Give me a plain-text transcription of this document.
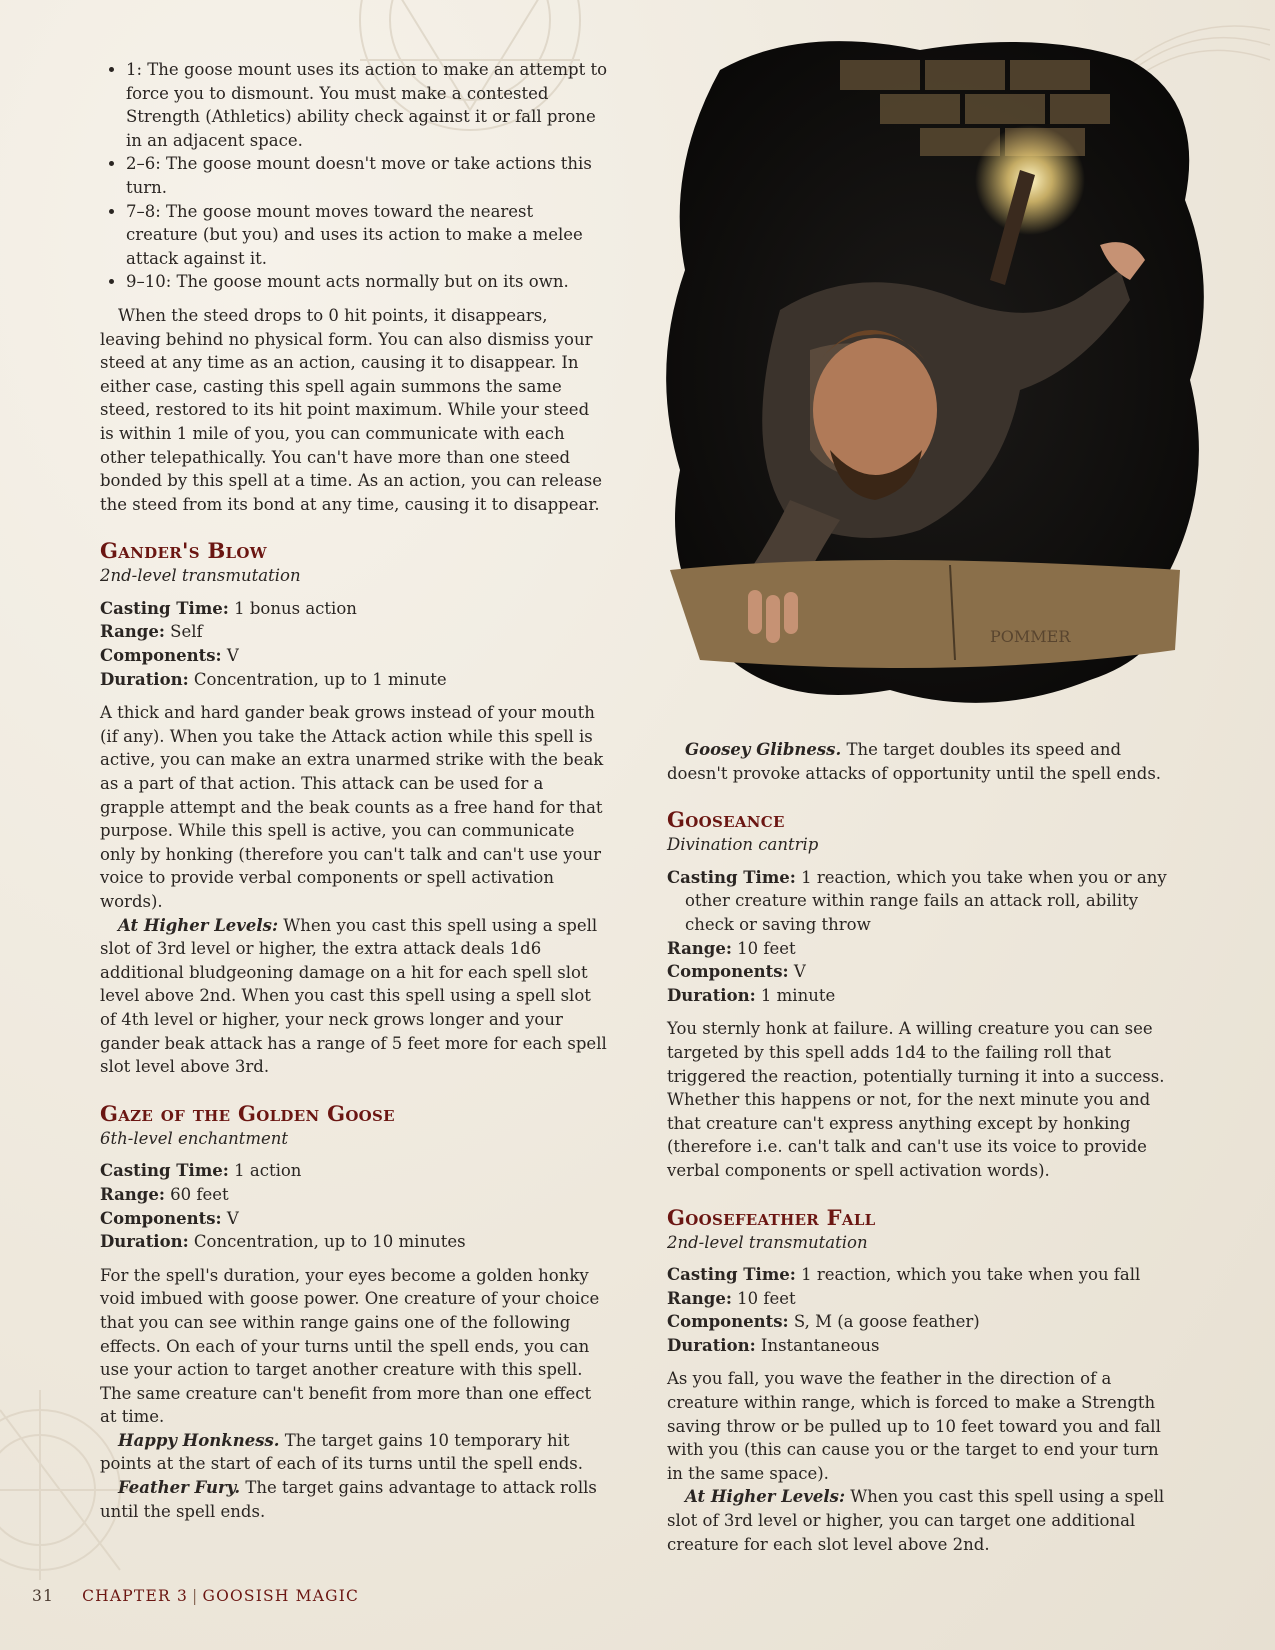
POMMER
• 1: The goose mount uses its action to make an attempt to force you to dismount. You must make a contested Strength (Athletics) ability check against it or fall prone in an adjacent space.
• 2–6: The goose mount doesn't move or take actions this turn.
• 7–8: The goose mount moves toward the nearest creature (but you) and uses its action to make a melee attack against it.
• 9–10: The goose mount acts normally but on its own.

When the steed drops to 0 hit points, it disappears, leaving behind no physical form. You can also dismiss your steed at any time as an action, causing it to disappear. In either case, casting this spell again summons the same steed, restored to its hit point maximum. While your steed is within 1 mile of you, you can communicate with each other telepathically. You can't have more than one steed bonded by this spell at a time. As an action, you can release the steed from its bond at any time, causing it to disappear.

Gander's Blow

2nd-level transmutation

Casting Time: 1 bonus action

Range: Self

Components: V

Duration: Concentration, up to 1 minute

A thick and hard gander beak grows instead of your mouth (if any). When you take the Attack action while this spell is active, you can make an extra unarmed strike with the beak as a part of that action. This attack can be used for a grapple attempt and the beak counts as a free hand for that purpose. While this spell is active, you can communicate only by honking (therefore you can't talk and can't use your voice to provide verbal components or spell activation words).

At Higher Levels: When you cast this spell using a spell slot of 3rd level or higher, the extra attack deals 1d6 additional bludgeoning damage on a hit for each spell slot level above 2nd. When you cast this spell using a spell slot of 4th level or higher, your neck grows longer and your gander beak attack has a range of 5 feet more for each spell slot level above 3rd.

Gaze of the Golden Goose

6th-level enchantment

Casting Time: 1 action

Range: 60 feet

Components: V

Duration: Concentration, up to 10 minutes

For the spell's duration, your eyes become a golden honky void imbued with goose power. One creature of your choice that you can see within range gains one of the following effects. On each of your turns until the spell ends, you can use your action to target another creature with this spell. The same creature can't benefit from more than one effect at time.

Happy Honkness. The target gains 10 temporary hit points at the start of each of its turns until the spell ends.

Feather Fury. The target gains advantage to attack rolls until the spell ends.

Goosey Glibness. The target doubles its speed and doesn't provoke attacks of opportunity until the spell ends.

Gooseance

Divination cantrip

Casting Time: 1 reaction, which you take when you or any other creature within range fails an attack roll, ability check or saving throw

Range: 10 feet

Components: V

Duration: 1 minute

You sternly honk at failure. A willing creature you can see targeted by this spell adds 1d4 to the failing roll that triggered the reaction, potentially turning it into a success. Whether this happens or not, for the next minute you and that creature can't express anything except by honking (therefore i.e. can't talk and can't use its voice to provide verbal components or spell activation words).

Goosefeather Fall

2nd-level transmutation

Casting Time: 1 reaction, which you take when you fall

Range: 10 feet

Components: S, M (a goose feather)

Duration: Instantaneous

As you fall, you wave the feather in the direction of a creature within range, which is forced to make a Strength saving throw or be pulled up to 10 feet toward you and fall with you (this can cause you or the target to end your turn in the same space).

At Higher Levels: When you cast this spell using a spell slot of 3rd level or higher, you can target one additional creature for each slot level above 2nd.

31 CHAPTER 3 | GOOSISH MAGIC
